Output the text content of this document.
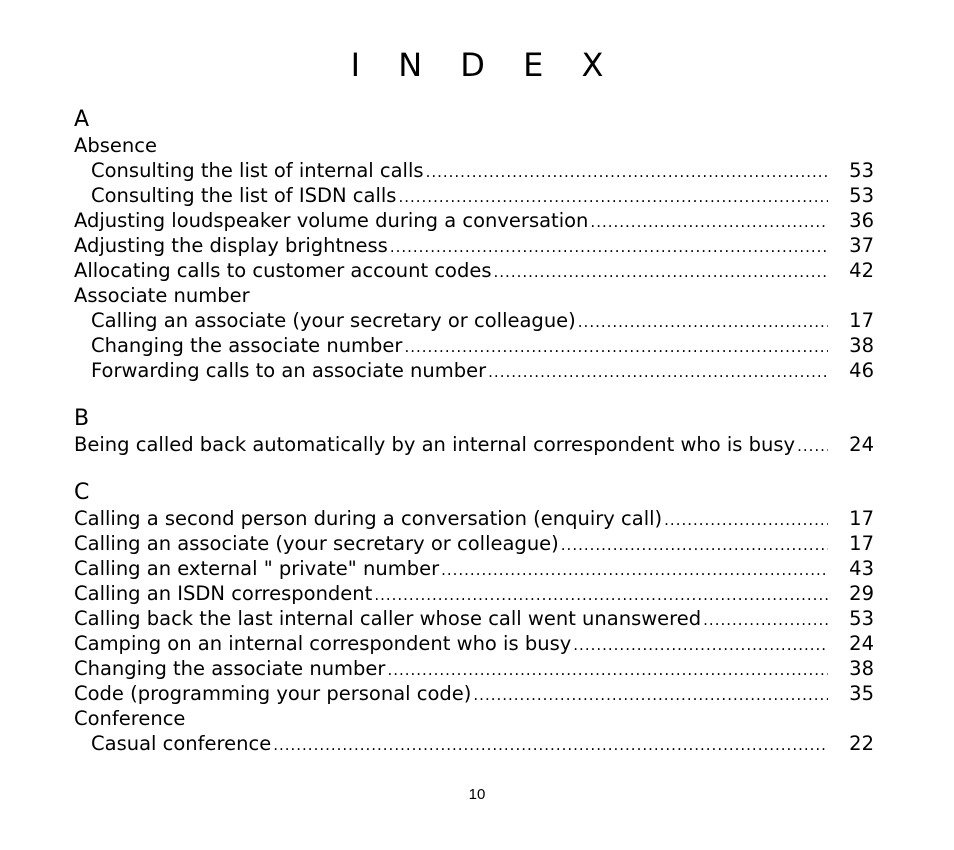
I N D E X
A
Absence
Consulting the list of internal calls .....	53
Consulting the list of ISDN calls .....	53
Adjusting loudspeaker volume during a conversation .....	36
Adjusting the display brightness .....	37
Allocating calls to customer account codes .....	42
Associate number
Calling an associate (your secretary or colleague) .....	17
Changing the associate number .....	38
Forwarding calls to an associate number .....	46
B
Being called back automatically by an internal correspondent who is busy .....	24
C
Calling a second person during a conversation (enquiry call) .....	17
Calling an associate (your secretary or colleague) .....	17
Calling an external " private" number .....	43
Calling an ISDN correspondent .....	29
Calling back the last internal caller whose call went unanswered .....	53
Camping on an internal correspondent who is busy .....	24
Changing the associate number .....	38
Code (programming your personal code) .....	35
Conference
Casual conference .....	22
10
